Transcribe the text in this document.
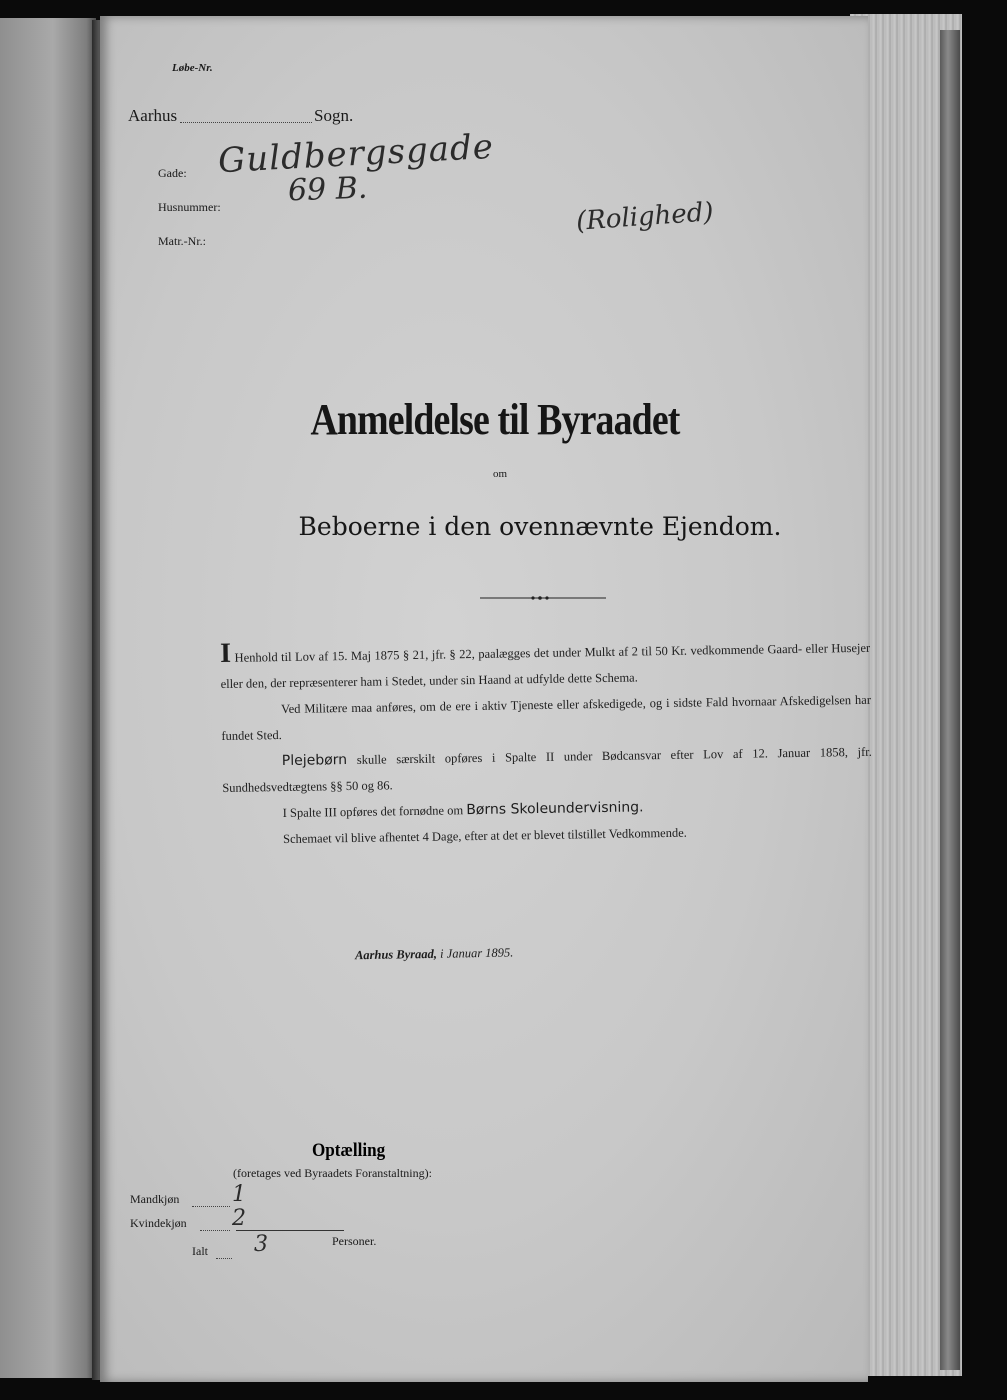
Løbe-Nr.
Aarhus	Sogn.
Gade: Guldbergsgade
Husnummer: 69 B.
Matr.-Nr.:
(Rolighed)
Anmeldelse til Byraadet
om
Beboerne i den ovennævnte Ejendom.

I Henhold til Lov af 15. Maj 1875 § 21, jfr. § 22, paalægges det under Mulkt af 2 til 50 Kr. vedkommende Gaard- eller Husejer eller den, der repræsenterer ham i Stedet, under sin Haand at udfylde dette Schema.

Ved Militære maa anføres, om de ere i aktiv Tjeneste eller afskedigede, og i sidste Fald hvornaar Afskedigelsen har fundet Sted.

Plejebørn skulle særskilt opføres i Spalte II under Bødcansvar efter Lov af 12. Januar 1858, jfr. Sundhedsvedtægtens §§ 50 og 86.

I Spalte III opføres det fornødne om Børns Skoleundervisning.

Schemaet vil blive afhentet 4 Dage, efter at det er blevet tilstillet Vedkommende.

Aarhus Byraad, i Januar 1895.
Optælling
(foretages ved Byraadets Foranstaltning):
Mandkjøn 1
Kvindekjøn 2
Ialt 3	Personer.
